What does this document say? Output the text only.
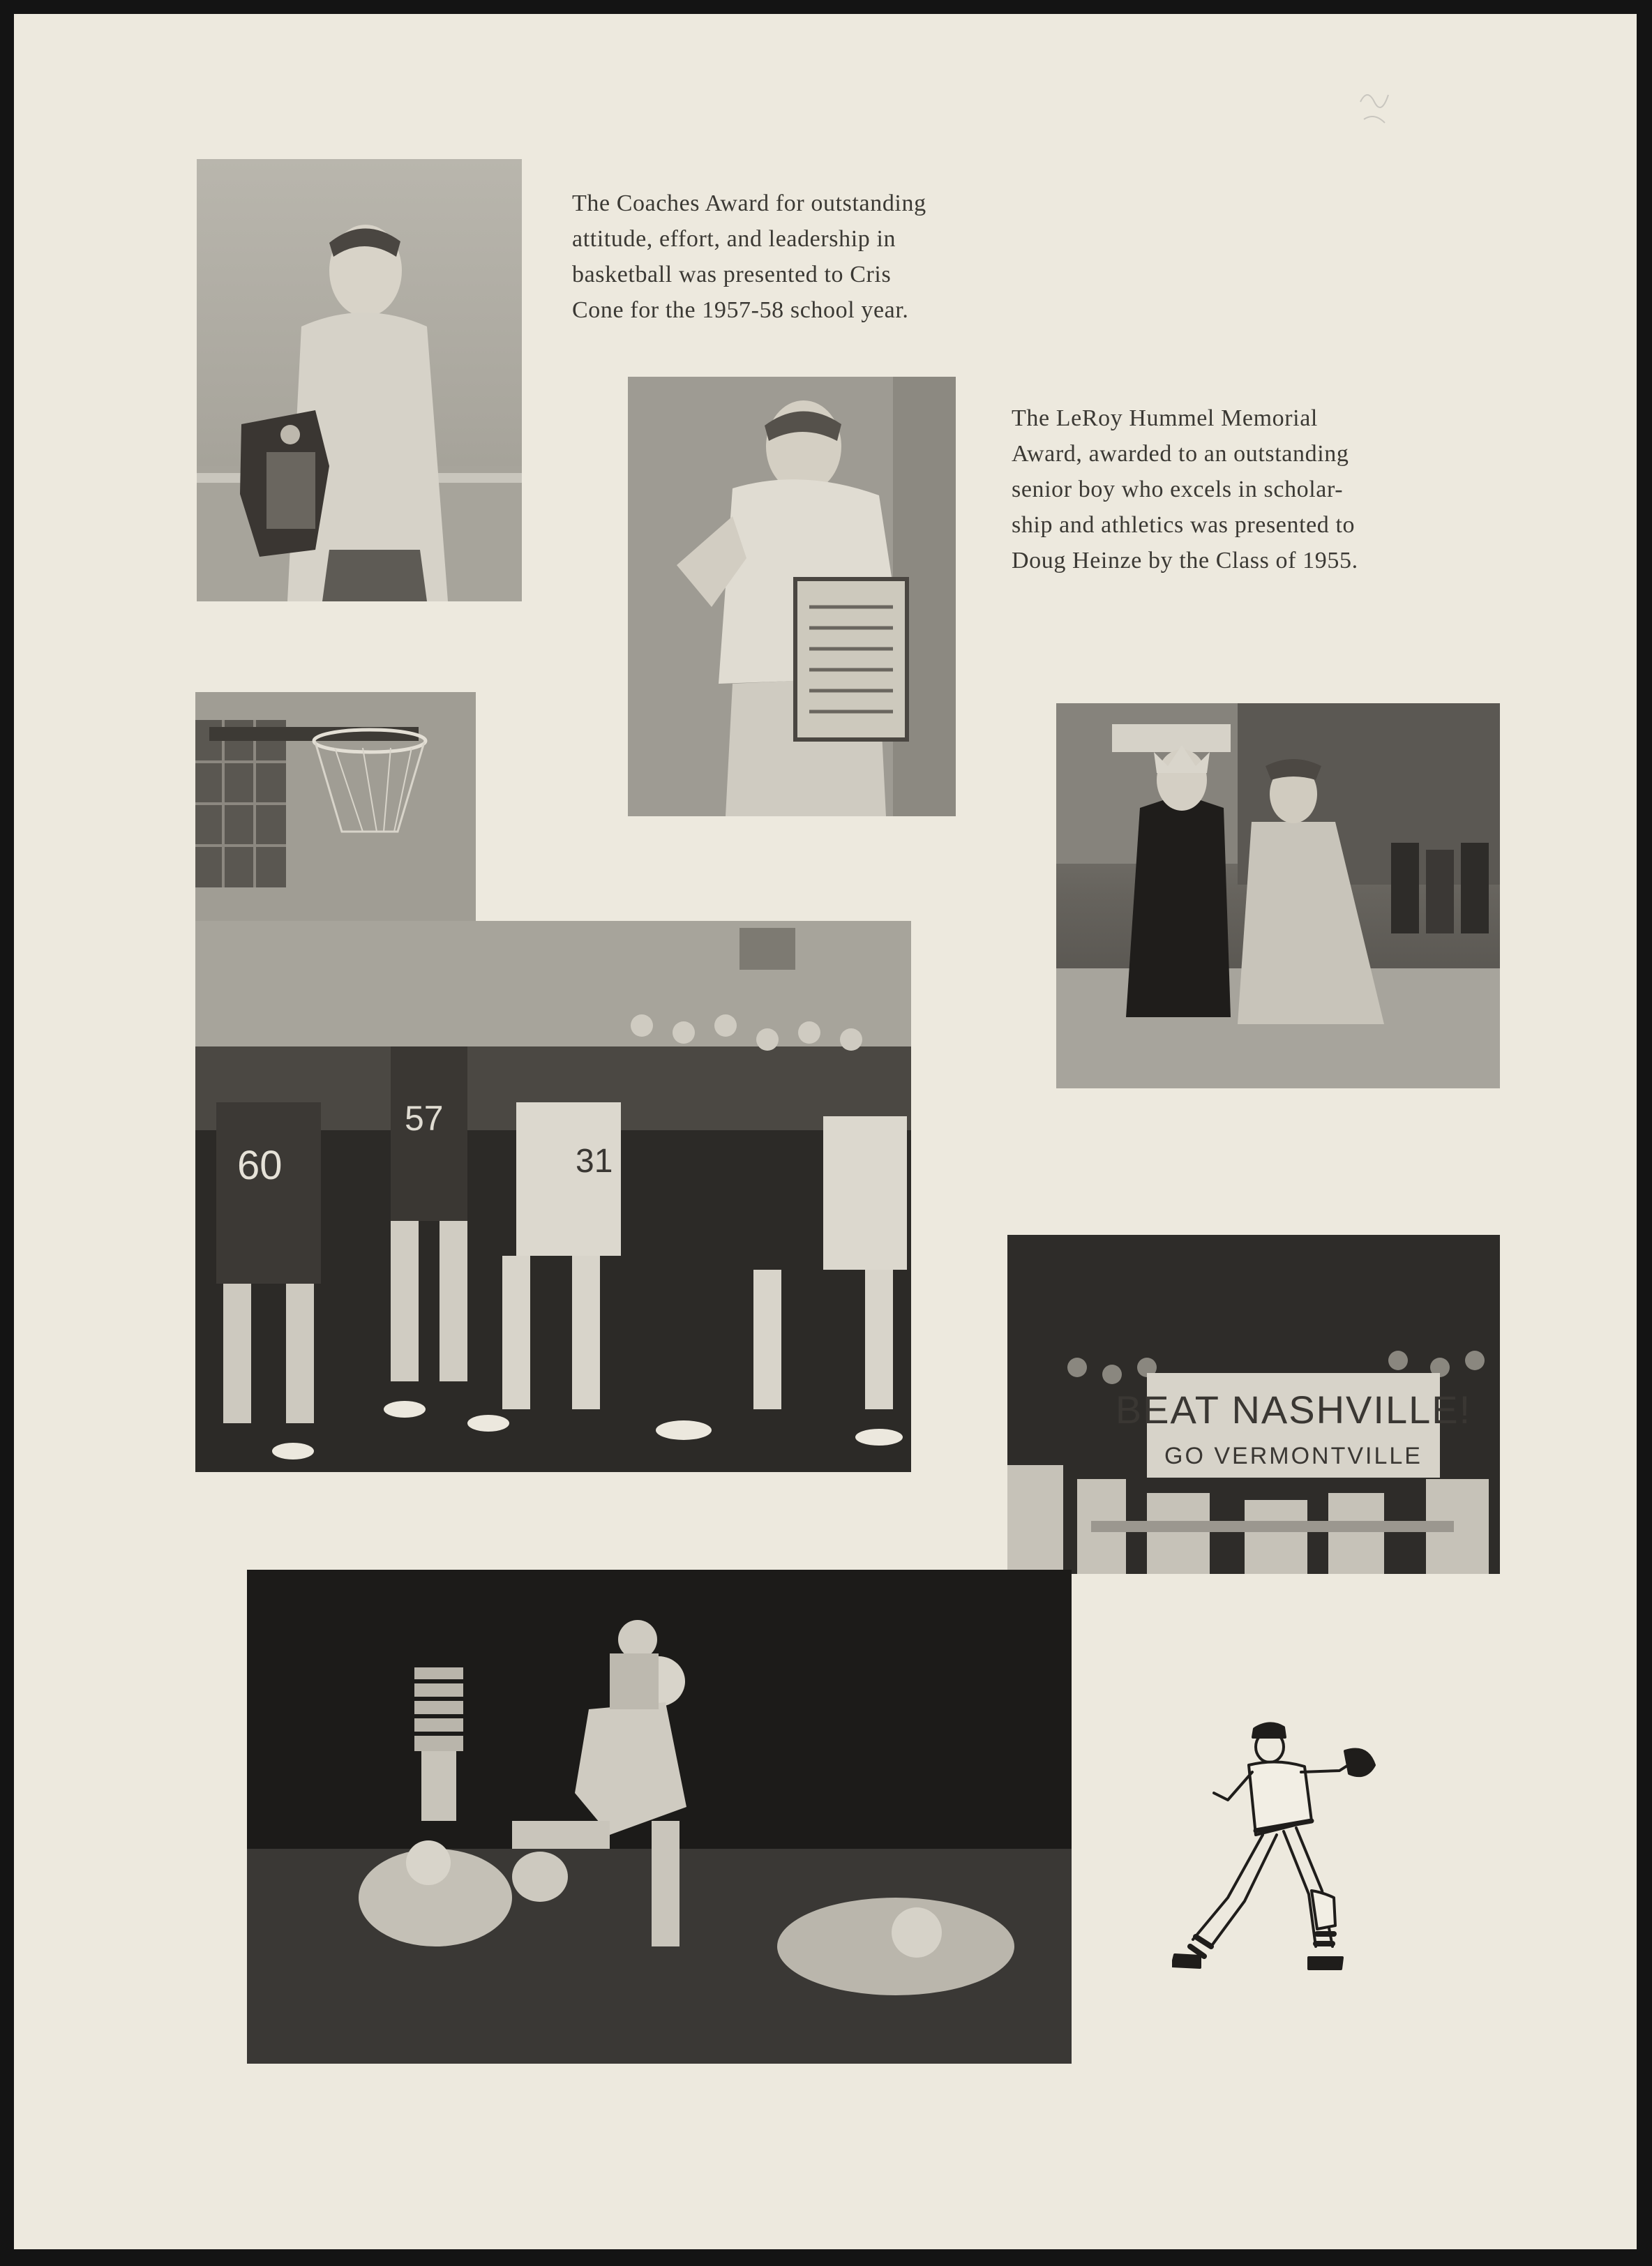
The Coaches Award for outstanding
attitude, effort, and leadership in
basketball was presented to Cris
Cone for the 1957-58 school year.
The LeRoy Hummel Memorial
Award, awarded to an outstanding
senior boy who excels in scholar-
ship and athletics was presented to
Doug Heinze by the Class of 1955.
60
57
31
BEAT NASHVILLE!
GO VERMONTVILLE
